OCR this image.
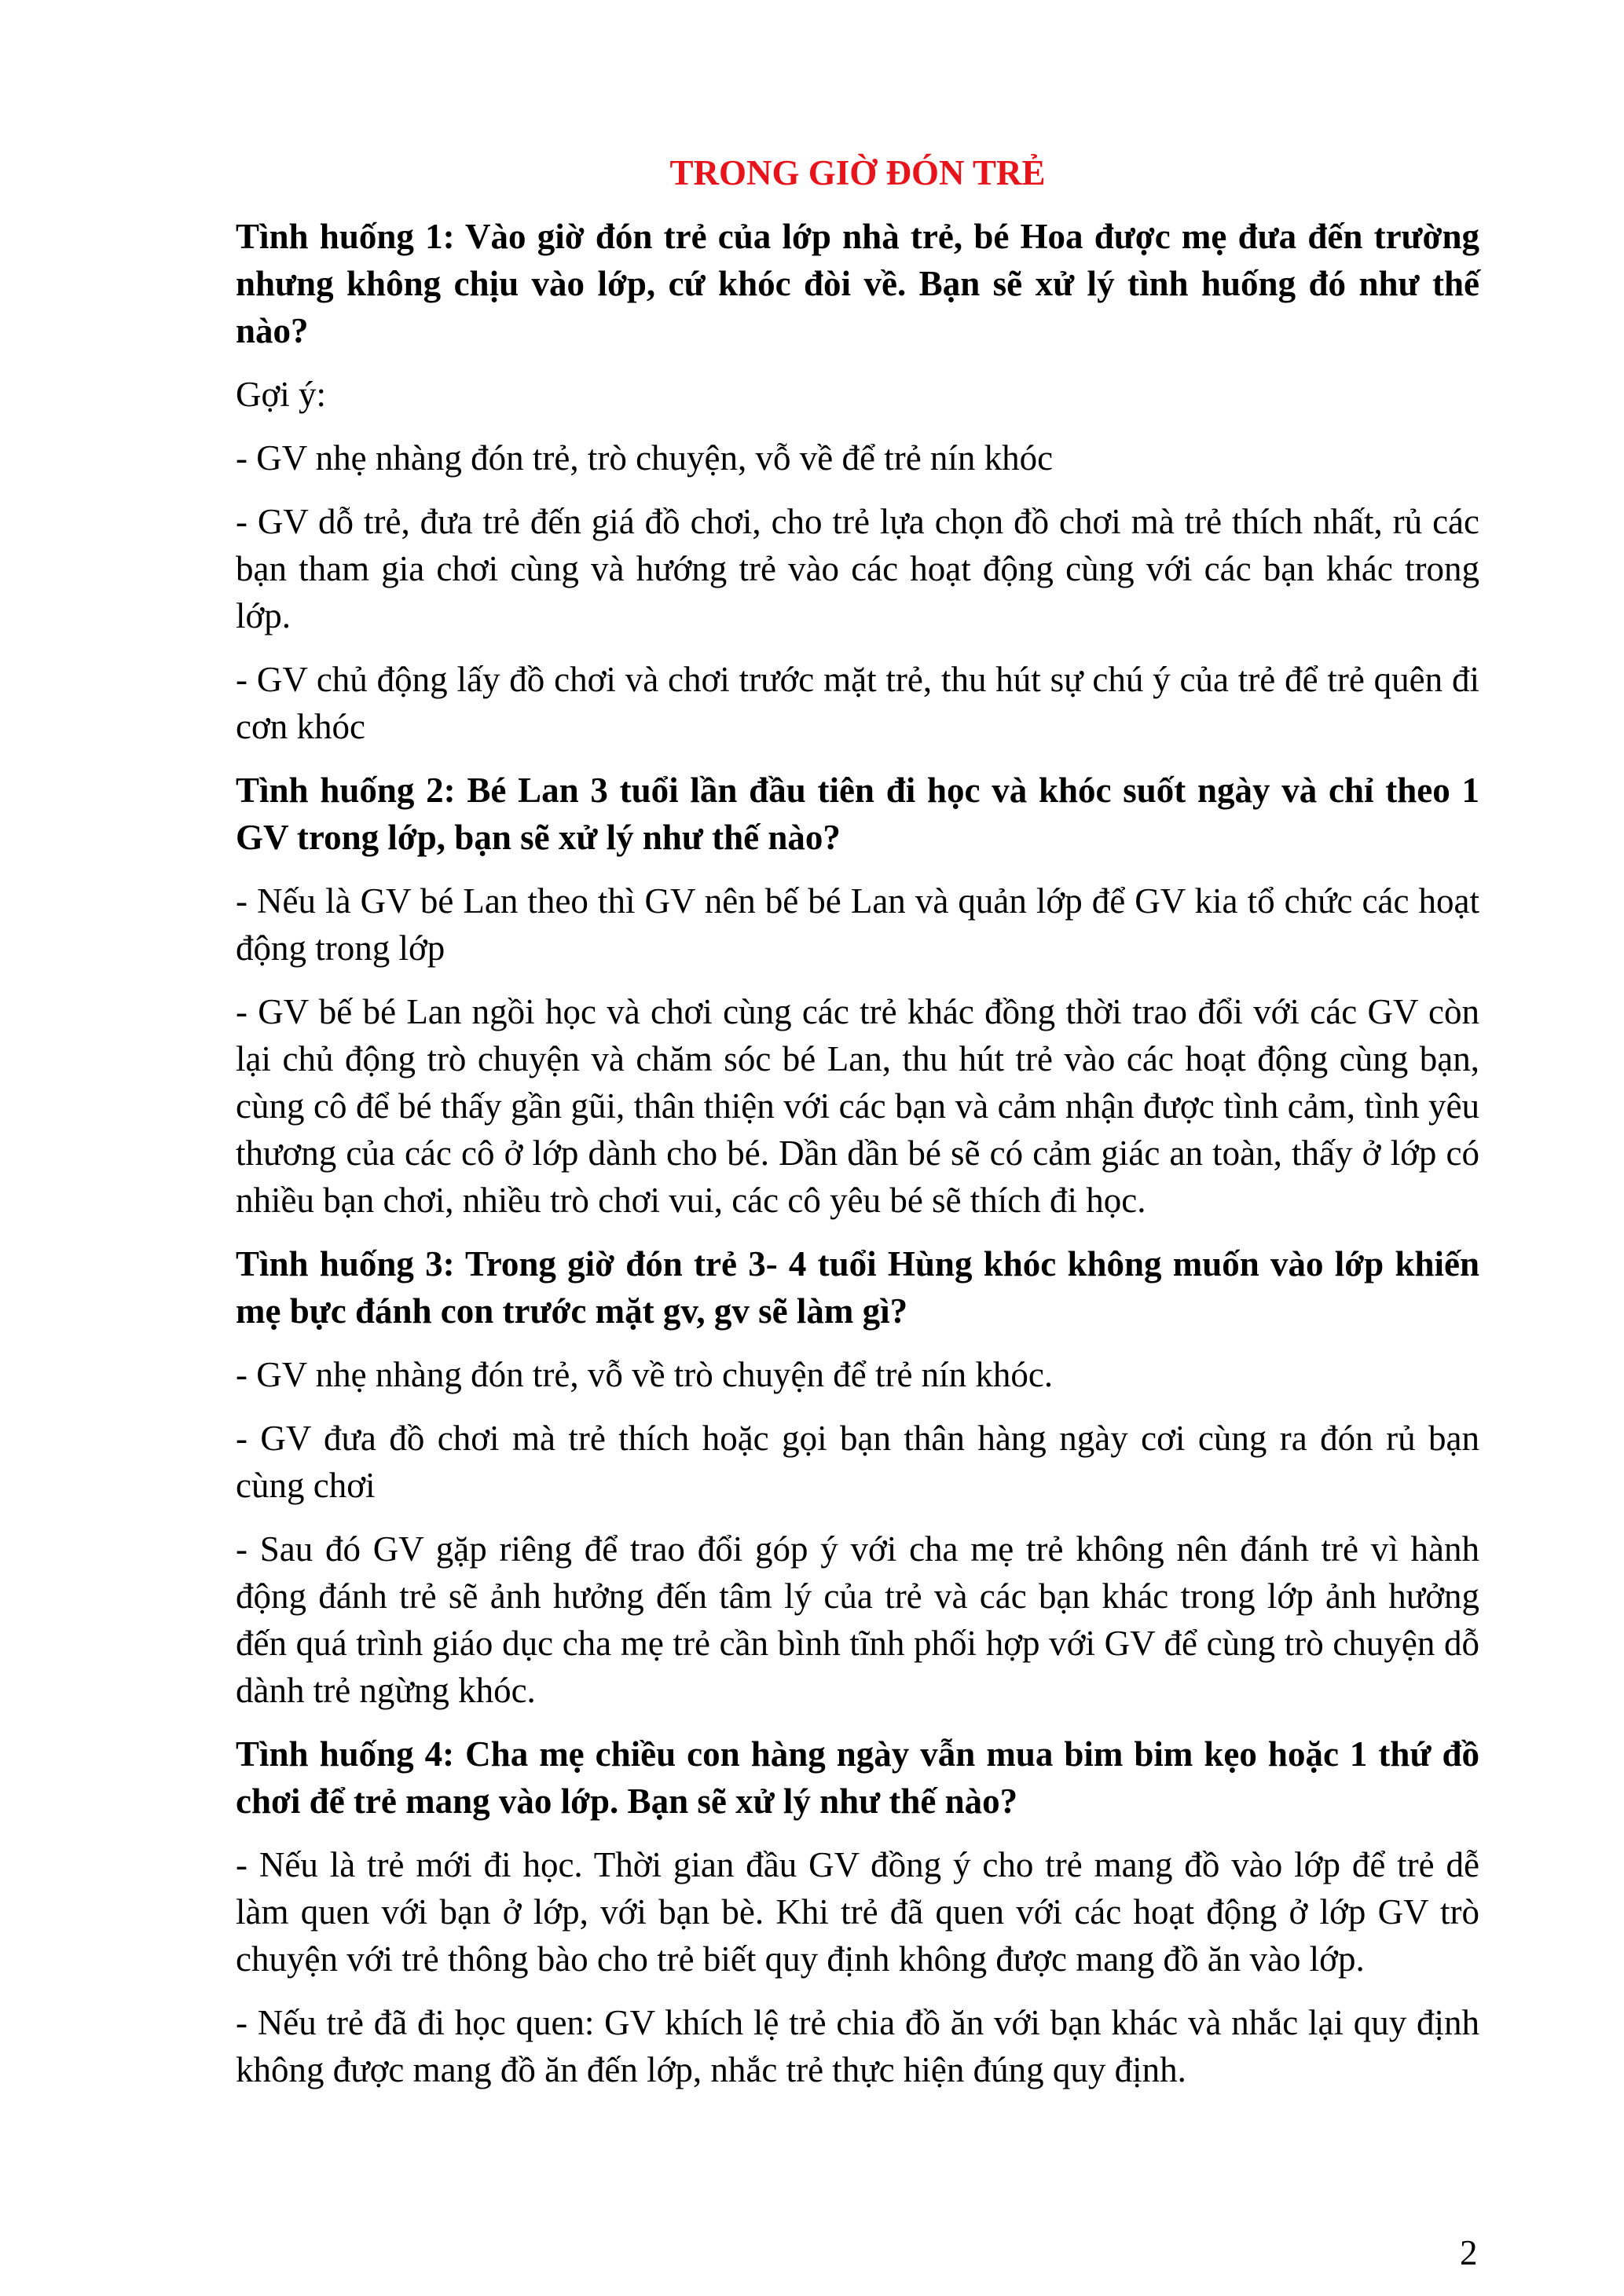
TRONG GIỜ ĐÓN TRẺ

Tình huống 1: Vào giờ đón trẻ của lớp nhà trẻ, bé Hoa được mẹ đưa đến trường nhưng không chịu vào lớp, cứ khóc đòi về. Bạn sẽ xử lý tình huống đó như thế nào?

Gợi ý:

- GV nhẹ nhàng đón trẻ, trò chuyện, vỗ về để trẻ nín khóc

- GV dỗ trẻ, đưa trẻ đến giá đồ chơi, cho trẻ lựa chọn đồ chơi mà trẻ thích nhất, rủ các bạn tham gia chơi cùng và hướng trẻ vào các hoạt động cùng với các bạn khác trong lớp.

- GV chủ động lấy đồ chơi và chơi trước mặt trẻ, thu hút sự chú ý của trẻ để trẻ quên đi cơn khóc

Tình huống 2: Bé Lan 3 tuổi lần đầu tiên đi học và khóc suốt ngày và chỉ theo 1 GV trong lớp, bạn sẽ xử lý như thế nào?

- Nếu là GV bé Lan theo thì GV nên bế bé Lan và quản lớp để GV kia tổ chức các hoạt động trong lớp

- GV bế bé Lan ngồi học và chơi cùng các trẻ khác đồng thời trao đổi với các GV còn lại chủ động trò chuyện và chăm sóc bé Lan, thu hút trẻ vào các hoạt động cùng bạn, cùng cô để bé thấy gần gũi, thân thiện với các bạn và cảm nhận được tình cảm, tình yêu thương của các cô ở lớp dành cho bé. Dần dần bé sẽ có cảm giác an toàn, thấy ở lớp có nhiều bạn chơi, nhiều trò chơi vui, các cô yêu bé sẽ thích đi học.

Tình huống 3: Trong giờ đón trẻ 3- 4 tuổi Hùng khóc không muốn vào lớp khiến mẹ bực đánh con trước mặt gv, gv sẽ làm gì?

- GV nhẹ nhàng đón trẻ, vỗ về trò chuyện để trẻ nín khóc.

- GV đưa đồ chơi mà trẻ thích hoặc gọi bạn thân hàng ngày cơi cùng ra đón rủ bạn cùng chơi

- Sau đó GV gặp riêng để trao đổi góp ý với cha mẹ trẻ không nên đánh trẻ vì hành động đánh trẻ sẽ ảnh hưởng đến tâm lý của trẻ và các bạn khác trong lớp ảnh hưởng đến quá trình giáo dục cha mẹ trẻ cần bình tĩnh phối hợp với GV để cùng trò chuyện dỗ dành trẻ ngừng khóc.

Tình huống 4: Cha mẹ chiều con hàng ngày vẫn mua bim bim kẹo hoặc 1 thứ đồ chơi để trẻ mang vào lớp. Bạn sẽ xử lý như thế nào?

- Nếu là trẻ mới đi học. Thời gian đầu GV đồng ý cho trẻ mang đồ vào lớp để trẻ dễ làm quen với bạn ở lớp, với bạn bè. Khi trẻ đã quen với các hoạt động ở lớp GV trò chuyện với trẻ thông bào cho trẻ biết quy định không được mang đồ ăn vào lớp.

- Nếu trẻ đã đi học quen: GV khích lệ trẻ chia đồ ăn với bạn khác và nhắc lại quy định không được mang đồ ăn đến lớp, nhắc trẻ thực hiện đúng quy định.

2
